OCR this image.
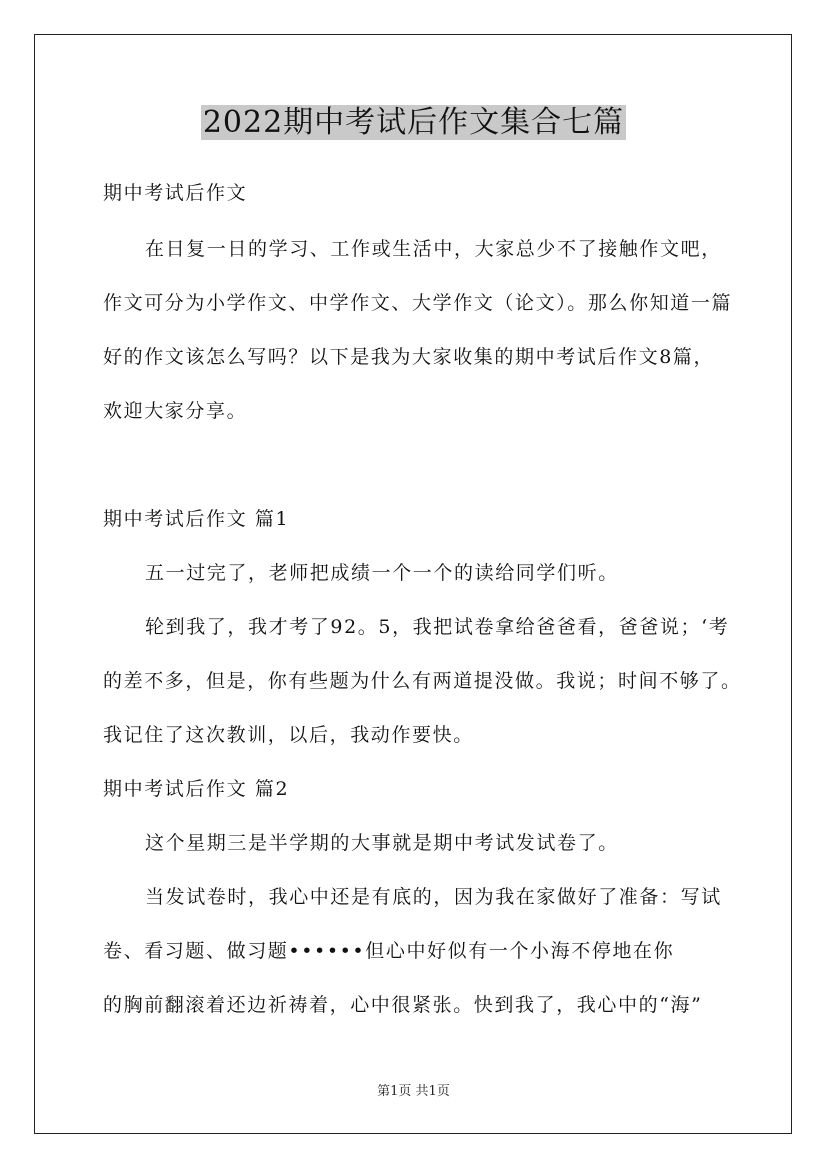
2022期中考试后作文集合七篇
期中考试后作文
在日复一日的学习、工作或生活中，大家总少不了接触作文吧，
作文可分为小学作文、中学作文、大学作文（论文）。那么你知道一篇
好的作文该怎么写吗？以下是我为大家收集的期中考试后作文8篇，
欢迎大家分享。
期中考试后作文 篇1
五一过完了，老师把成绩一个一个的读给同学们听。
轮到我了，我才考了92。5，我把试卷拿给爸爸看，爸爸说；‘考
的差不多，但是，你有些题为什么有两道提没做。我说；时间不够了。
我记住了这次教训，以后，我动作要快。
期中考试后作文 篇2
这个星期三是半学期的大事就是期中考试发试卷了。
当发试卷时，我心中还是有底的，因为我在家做好了准备：写试
卷、看习题、做习题••••••但心中好似有一个小海不停地在你
的胸前翻滚着还边祈祷着，心中很紧张。快到我了，我心中的“海”
第1页 共1页
